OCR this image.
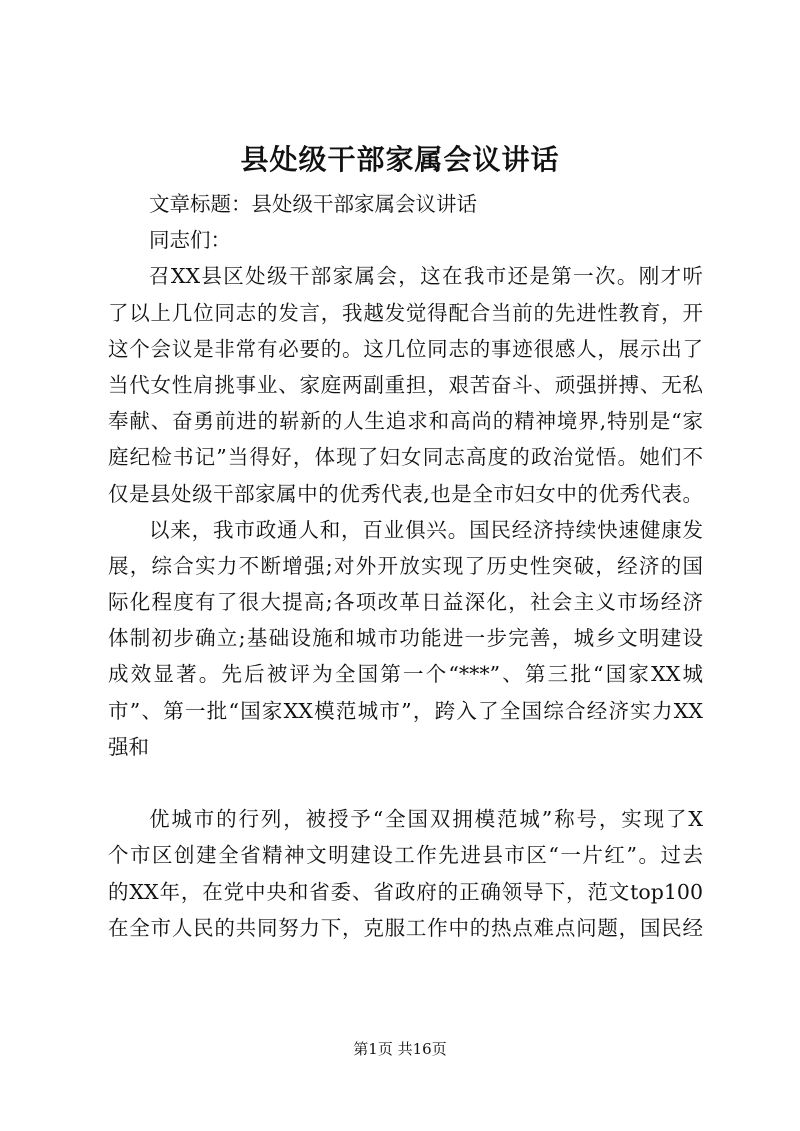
县处级干部家属会议讲话
文章标题：县处级干部家属会议讲话
同志们：
召XX县区处级干部家属会，这在我市还是第一次。刚才听
了以上几位同志的发言，我越发觉得配合当前的先进性教育，开
这个会议是非常有必要的。这几位同志的事迹很感人，展示出了
当代女性肩挑事业、家庭两副重担，艰苦奋斗、顽强拼搏、无私
奉献、奋勇前进的崭新的人生追求和高尚的精神境界,特别是“家
庭纪检书记”当得好，体现了妇女同志高度的政治觉悟。她们不
仅是县处级干部家属中的优秀代表,也是全市妇女中的优秀代表。
以来，我市政通人和，百业俱兴。国民经济持续快速健康发
展，综合实力不断增强;对外开放实现了历史性突破，经济的国
际化程度有了很大提高;各项改革日益深化，社会主义市场经济
体制初步确立;基础设施和城市功能进一步完善，城乡文明建设
成效显著。先后被评为全国第一个“***”、第三批“国家XX城
市”、第一批“国家XX模范城市”，跨入了全国综合经济实力XX
强和
优城市的行列，被授予“全国双拥模范城”称号，实现了X
个市区创建全省精神文明建设工作先进县市区“一片红”。过去
的XX年，在党中央和省委、省政府的正确领导下，范文top100
在全市人民的共同努力下，克服工作中的热点难点问题，国民经
第1页 共16页
